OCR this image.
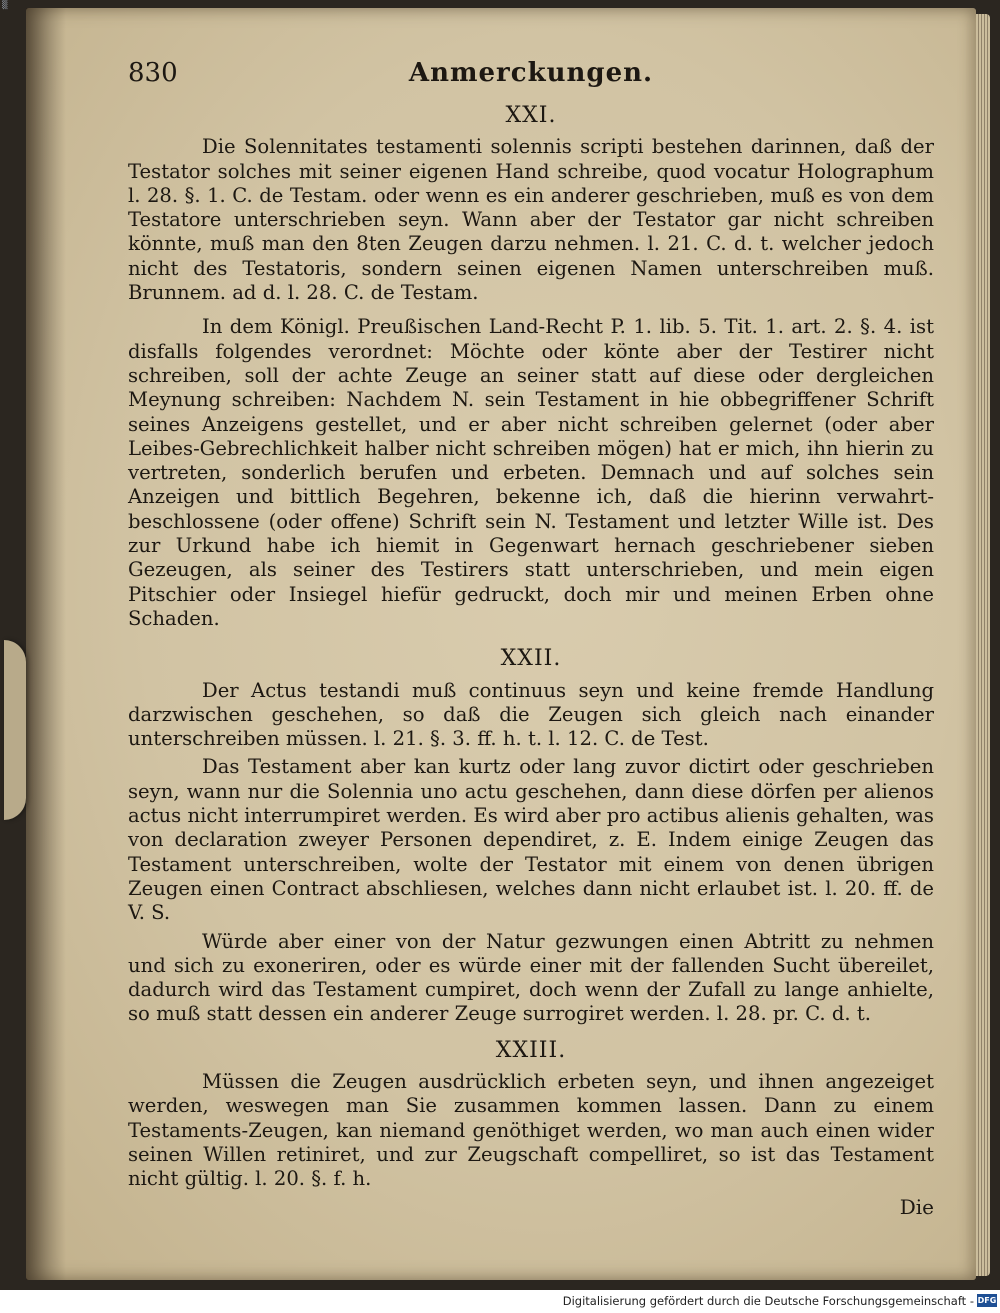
▒
830	Anmerckungen.
XXI.

Die Solennitates testamenti solennis scripti bestehen darinnen, daß der Testator solches mit seiner eigenen Hand schreibe, quod vocatur Holographum l. 28. §. 1. C. de Testam. oder wenn es ein anderer geschrieben, muß es von dem Testatore unterschrieben seyn. Wann aber der Testator gar nicht schreiben könnte, muß man den 8ten Zeugen darzu nehmen. l. 21. C. d. t. welcher jedoch nicht des Testatoris, sondern seinen eigenen Namen unterschreiben muß. Brunnem. ad d. l. 28. C. de Testam.

In dem Königl. Preußischen Land-Recht P. 1. lib. 5. Tit. 1. art. 2. §. 4. ist disfalls folgendes verordnet: Möchte oder könte aber der Testirer nicht schreiben, soll der achte Zeuge an seiner statt auf diese oder dergleichen Meynung schreiben: Nachdem N. sein Testament in hie obbegriffener Schrift seines Anzeigens gestellet, und er aber nicht schreiben gelernet (oder aber Leibes-Gebrechlichkeit halber nicht schreiben mögen) hat er mich, ihn hierin zu vertreten, sonderlich berufen und erbeten. Demnach und auf solches sein Anzeigen und bittlich Begehren, bekenne ich, daß die hierinn verwahrt-beschlossene (oder offene) Schrift sein N. Testament und letzter Wille ist. Des zur Urkund habe ich hiemit in Gegenwart hernach geschriebener sieben Gezeugen, als seiner des Testirers statt unterschrieben, und mein eigen Pitschier oder Insiegel hiefür gedruckt, doch mir und meinen Erben ohne Schaden.

XXII.

Der Actus testandi muß continuus seyn und keine fremde Handlung darzwischen geschehen, so daß die Zeugen sich gleich nach einander unterschreiben müssen. l. 21. §. 3. ff. h. t. l. 12. C. de Test.

Das Testament aber kan kurtz oder lang zuvor dictirt oder geschrieben seyn, wann nur die Solennia uno actu geschehen, dann diese dörfen per alienos actus nicht interrumpiret werden. Es wird aber pro actibus alienis gehalten, was von declaration zweyer Personen dependiret, z. E. Indem einige Zeugen das Testament unterschreiben, wolte der Testator mit einem von denen übrigen Zeugen einen Contract abschliesen, welches dann nicht erlaubet ist. l. 20. ff. de V. S.

Würde aber einer von der Natur gezwungen einen Abtritt zu nehmen und sich zu exoneriren, oder es würde einer mit der fallenden Sucht übereilet, dadurch wird das Testament cumpiret, doch wenn der Zufall zu lange anhielte, so muß statt dessen ein anderer Zeuge surrogiret werden. l. 28. pr. C. d. t.

XXIII.

Müssen die Zeugen ausdrücklich erbeten seyn, und ihnen angezeiget werden, weswegen man Sie zusammen kommen lassen. Dann zu einem Testaments-Zeugen, kan niemand genöthiget werden, wo man auch einen wider seinen Willen retiniret, und zur Zeugschaft compelliret, so ist das Testament nicht gültig. l. 20. §. f. h.

Die
Digitalisierung gefördert durch die Deutsche Forschungsgemeinschaft - DFG
